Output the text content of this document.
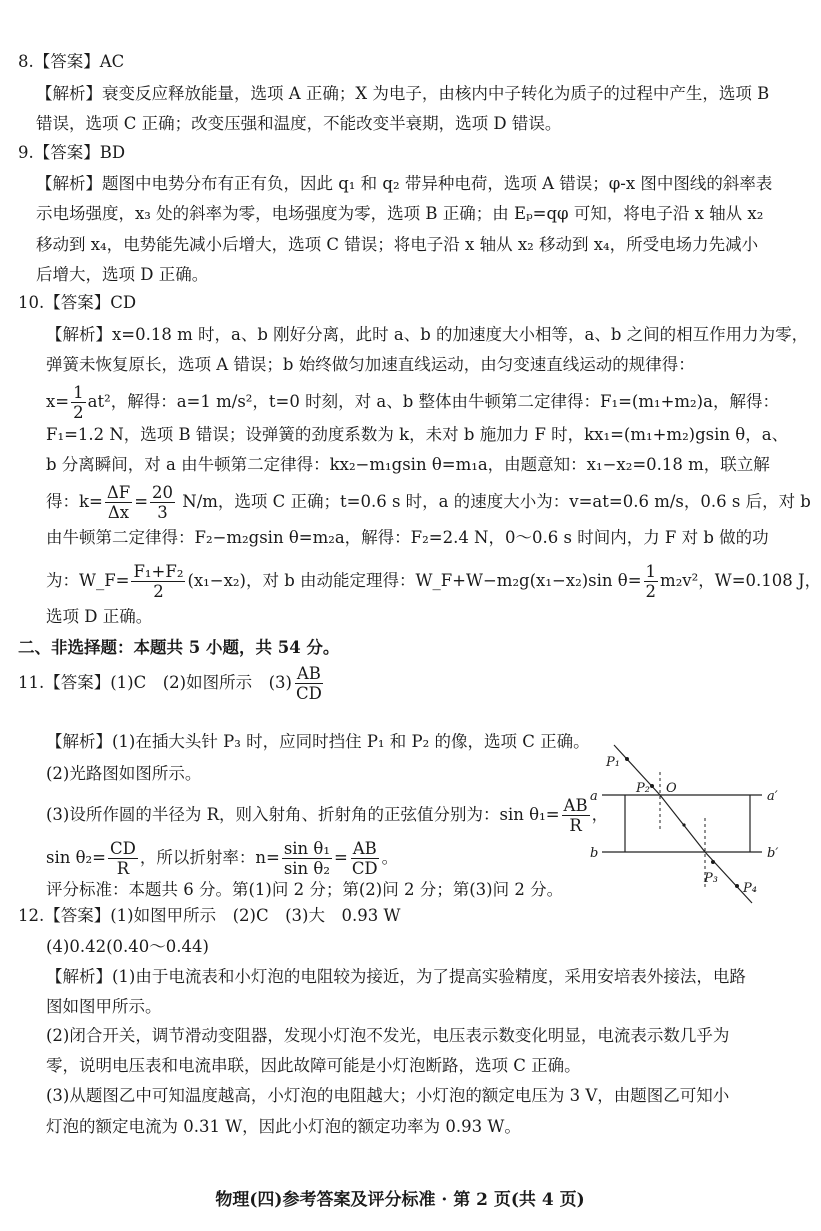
8.【答案】AC
【解析】衰变反应释放能量，选项 A 正确；X 为电子，由核内中子转化为质子的过程中产生，选项 B
错误，选项 C 正确；改变压强和温度，不能改变半衰期，选项 D 错误。
9.【答案】BD
【解析】题图中电势分布有正有负，因此 q₁ 和 q₂ 带异种电荷，选项 A 错误；φ-x 图中图线的斜率表
示电场强度，x₃ 处的斜率为零，电场强度为零，选项 B 正确；由 Eₚ=qφ 可知，将电子沿 x 轴从 x₂
移动到 x₄，电势能先减小后增大，选项 C 错误；将电子沿 x 轴从 x₂ 移动到 x₄，所受电场力先减小
后增大，选项 D 正确。
10.【答案】CD
【解析】x=0.18 m 时，a、b 刚好分离，此时 a、b 的加速度大小相等，a、b 之间的相互作用力为零，
弹簧未恢复原长，选项 A 错误；b 始终做匀加速直线运动，由匀变速直线运动的规律得：
$x= \frac{1}{2} at^2$，解得：a=1 m/s²，t=0 时刻，对 a、b 整体由牛顿第二定律得：F₁=(m₁+m₂)a，解得：
F₁=1.2 N，选项 B 错误；设弹簧的劲度系数为 k，未对 b 施加力 F 时，kx₁=(m₁+m₂)gsin θ，a、
b 分离瞬间，对 a 由牛顿第二定律得：kx₂−m₁gsin θ=m₁a，由题意知：x₁−x₂=0.18 m，联立解
得：$k= \frac{\Delta F}{\Delta x} = \frac{20}{3} N/m$，选项 C 正确；t=0.6 s 时，a 的速度大小为：v=at=0.6 m/s，0.6 s 后，对 b
由牛顿第二定律得：F₂−m₂gsin θ=m₂a，解得：F₂=2.4 N，0～0.6 s 时间内，力 F 对 b 做的功
为：W_F= $\frac{\text{F₁+F₂}}{2} (x_1-x_2)$，对 b 由动能定理得：W_F+W−m₂g(x₁−x₂)sin $\theta= \frac{1}{2} m_2v^2$，W=0.108 J，
选项 D 正确。
二、非选择题：本题共 5 小题，共 54 分。
11.【答案】(1)C　(2)如图所示　$(3) \frac{AB}{CD}$
【解析】(1)在插大头针 P₃ 时，应同时挡住 P₁ 和 P₂ 的像，选项 C 正确。
(2)光路图如图所示。
(3)设所作圆的半径为 R，则入射角、折射角的正弦值分别为：$\sin \theta_1= \frac{AB}{R}$ ，
$\sin \theta_2= \frac{CD}{R}$ ，所以折射率：$n= \frac{\text{sin θ₁}}{\text{sin θ₂}} = \frac{AB}{CD}$ 。
评分标准：本题共 6 分。第(1)问 2 分；第(2)问 2 分；第(3)问 2 分。
a	a′
b	b′
O
P₁
P₂
P₃
P₄
12.【答案】(1)如图甲所示　(2)C　(3)大　0.93 W
(4)0.42(0.40～0.44)
【解析】(1)由于电流表和小灯泡的电阻较为接近，为了提高实验精度，采用安培表外接法，电路
图如图甲所示。
(2)闭合开关，调节滑动变阻器，发现小灯泡不发光，电压表示数变化明显，电流表示数几乎为
零，说明电压表和电流串联，因此故障可能是小灯泡断路，选项 C 正确。
(3)从题图乙中可知温度越高，小灯泡的电阻越大；小灯泡的额定电压为 3 V，由题图乙可知小
灯泡的额定电流为 0.31 W，因此小灯泡的额定功率为 0.93 W。
物理(四)参考答案及评分标准 · 第 2 页(共 4 页)
